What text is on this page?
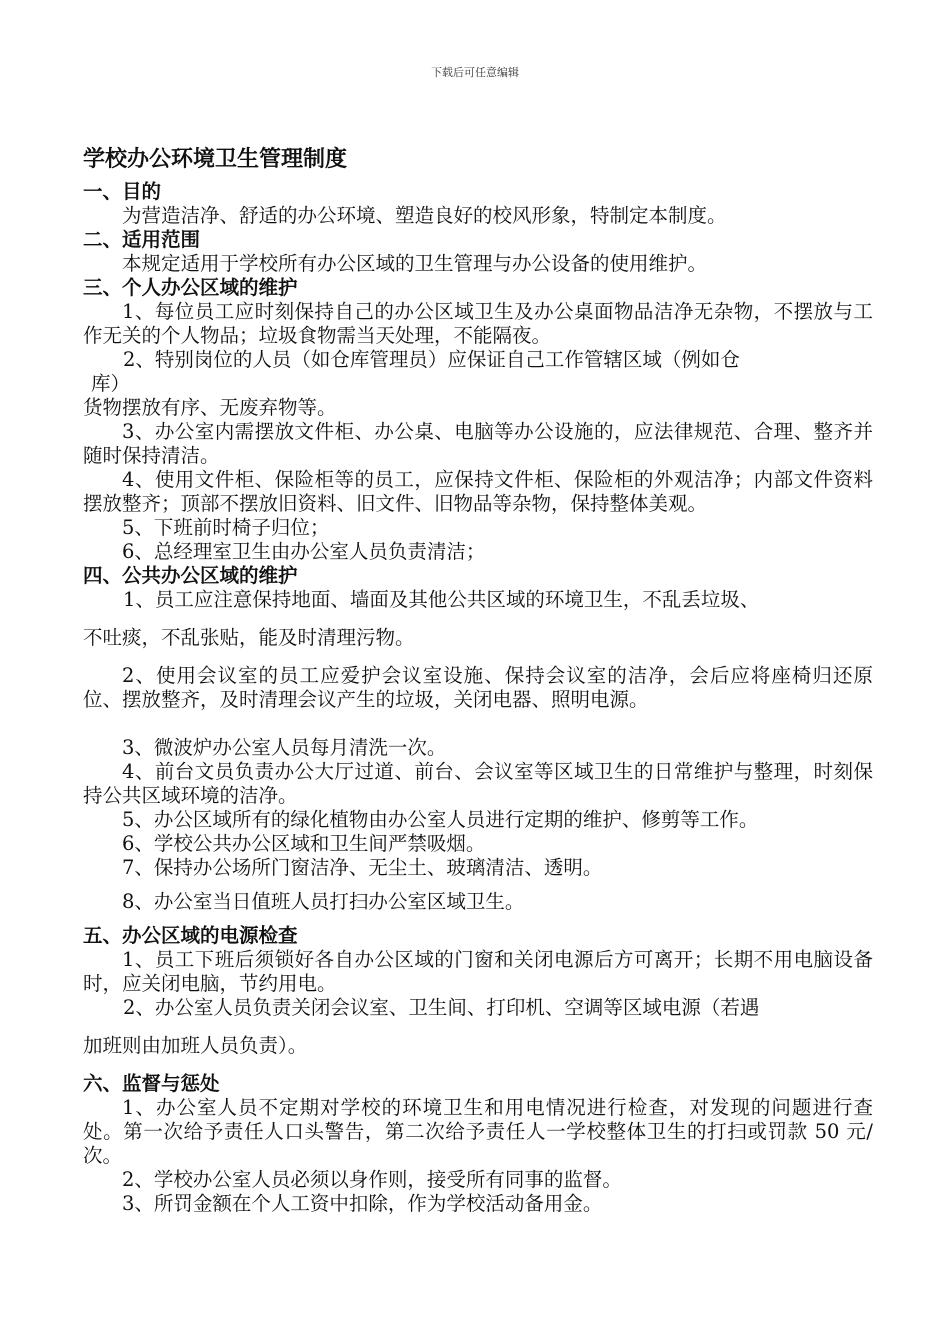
下载后可任意编辑
学校办公环境卫生管理制度
一、目的

为营造洁净、舒适的办公环境、塑造良好的校风形象，特制定本制度。

二、适用范围

本规定适用于学校所有办公区域的卫生管理与办公设备的使用维护。

三、个人办公区域的维护

1、每位员工应时刻保持自己的办公区域卫生及办公桌面物品洁净无杂物，不摆放与工作无关的个人物品；垃圾食物需当天处理，不能隔夜。

2、特别岗位的人员（如仓库管理员）应保证自己工作管辖区域（例如仓

库）

货物摆放有序、无废弃物等。

3、办公室内需摆放文件柜、办公桌、电脑等办公设施的，应法律规范、合理、整齐并随时保持清洁。

4、使用文件柜、保险柜等的员工，应保持文件柜、保险柜的外观洁净；内部文件资料摆放整齐；顶部不摆放旧资料、旧文件、旧物品等杂物，保持整体美观。

5、下班前时椅子归位；

6、总经理室卫生由办公室人员负责清洁；

四、公共办公区域的维护

1、员工应注意保持地面、墙面及其他公共区域的环境卫生，不乱丢垃圾、

不吐痰，不乱张贴，能及时清理污物。

2、使用会议室的员工应爱护会议室设施、保持会议室的洁净，会后应将座椅归还原位、摆放整齐，及时清理会议产生的垃圾，关闭电器、照明电源。

3、微波炉办公室人员每月清洗一次。

4、前台文员负责办公大厅过道、前台、会议室等区域卫生的日常维护与整理，时刻保持公共区域环境的洁净。

5、办公区域所有的绿化植物由办公室人员进行定期的维护、修剪等工作。

6、学校公共办公区域和卫生间严禁吸烟。

7、保持办公场所门窗洁净、无尘土、玻璃清洁、透明。

8、办公室当日值班人员打扫办公室区域卫生。

五、办公区域的电源检查

1、员工下班后须锁好各自办公区域的门窗和关闭电源后方可离开；长期不用电脑设备时，应关闭电脑，节约用电。

2、办公室人员负责关闭会议室、卫生间、打印机、空调等区域电源（若遇

加班则由加班人员负责）。

六、监督与惩处

1、办公室人员不定期对学校的环境卫生和用电情况进行检查，对发现的问题进行查处。第一次给予责任人口头警告，第二次给予责任人一学校整体卫生的打扫或罚款 50 元/次。

2、学校办公室人员必须以身作则，接受所有同事的监督。

3、所罚金额在个人工资中扣除，作为学校活动备用金。
